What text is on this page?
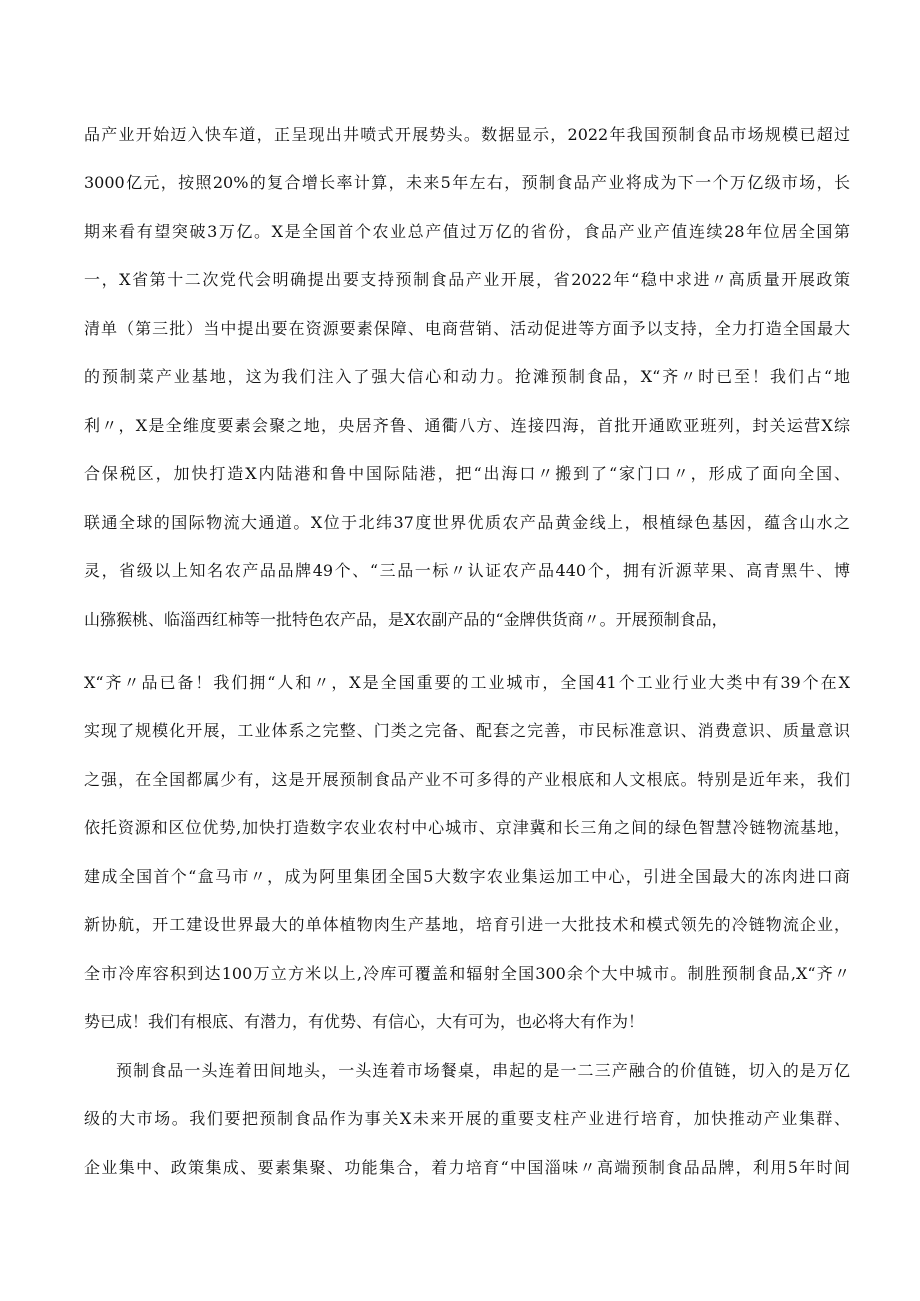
品产业开始迈入快车道，正呈现出井喷式开展势头。数据显示，2022年我国预制食品市场规模已超过
3000亿元，按照20%的复合增长率计算，未来5年左右，预制食品产业将成为下一个万亿级市场，长
期来看有望突破3万亿。X是全国首个农业总产值过万亿的省份，食品产业产值连续28年位居全国第
一，X省第十二次党代会明确提出要支持预制食品产业开展，省2022年“稳中求进〃高质量开展政策
清单（第三批）当中提出要在资源要素保障、电商营销、活动促进等方面予以支持，全力打造全国最大
的预制菜产业基地，这为我们注入了强大信心和动力。抢滩预制食品，X“齐〃时已至！我们占“地
利〃，X是全维度要素会聚之地，央居齐鲁、通衢八方、连接四海，首批开通欧亚班列，封关运营X综
合保税区，加快打造X内陆港和鲁中国际陆港，把“出海口〃搬到了“家门口〃，形成了面向全国、
联通全球的国际物流大通道。X位于北纬37度世界优质农产品黄金线上，根植绿色基因，蕴含山水之
灵，省级以上知名农产品品牌49个、“三品一标〃认证农产品440个，拥有沂源苹果、高青黑牛、博
山猕猴桃、临淄西红柿等一批特色农产品，是X农副产品的“金牌供货商〃。开展预制食品，
X“齐〃品已备！我们拥“人和〃，X是全国重要的工业城市，全国41个工业行业大类中有39个在X
实现了规模化开展，工业体系之完整、门类之完备、配套之完善，市民标准意识、消费意识、质量意识
之强，在全国都属少有，这是开展预制食品产业不可多得的产业根底和人文根底。特别是近年来，我们
依托资源和区位优势,加快打造数字农业农村中心城市、京津冀和长三角之间的绿色智慧冷链物流基地，
建成全国首个“盒马市〃，成为阿里集团全国5大数字农业集运加工中心，引进全国最大的冻肉进口商
新协航，开工建设世界最大的单体植物肉生产基地，培育引进一大批技术和模式领先的冷链物流企业，
全市冷库容积到达100万立方米以上,冷库可覆盖和辐射全国300余个大中城市。制胜预制食品,X“齐〃
势已成！我们有根底、有潜力，有优势、有信心，大有可为，也必将大有作为！
预制食品一头连着田间地头，一头连着市场餐桌，串起的是一二三产融合的价值链，切入的是万亿
级的大市场。我们要把预制食品作为事关X未来开展的重要支柱产业进行培育，加快推动产业集群、
企业集中、政策集成、要素集聚、功能集合，着力培育“中国淄味〃高端预制食品品牌，利用5年时间
